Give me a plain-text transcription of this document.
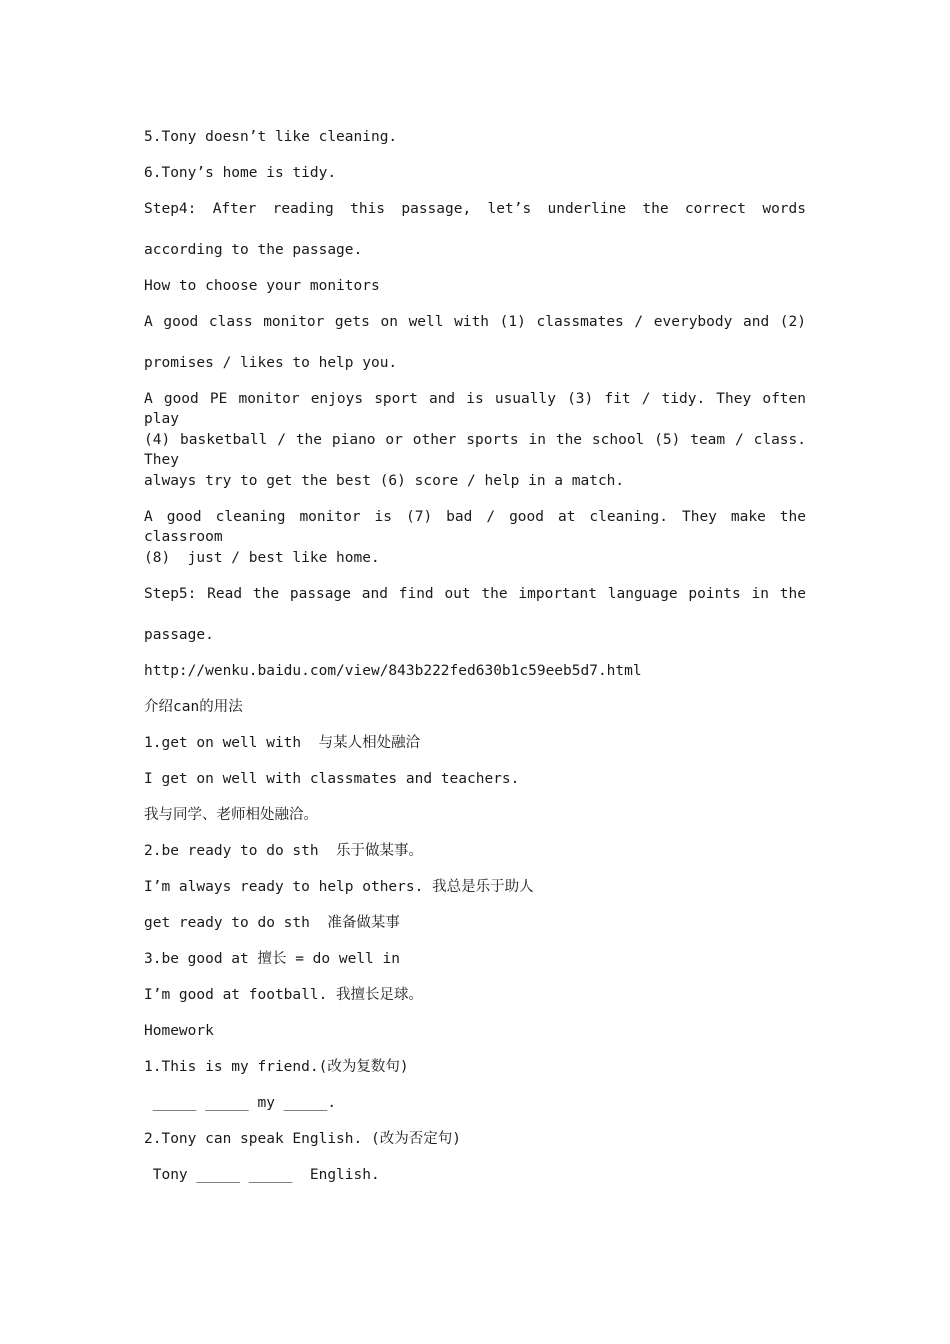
5.Tony doesn’t like cleaning.
6.Tony’s home is tidy.
Step4: After reading this passage, let’s underline the correct words
according to the passage.
How to choose your monitors
A good class monitor gets on well with (1) classmates / everybody and (2)
promises / likes to help you.
A good PE monitor enjoys sport and is usually (3) fit / tidy. They often play
(4) basketball / the piano or other sports in the school (5) team / class. They
always try to get the best (6) score / help in a match.
A good cleaning monitor is (7) bad / good at cleaning. They make the classroom
(8)  just / best like home.
Step5: Read the passage and find out the important language points in the
passage.
http://wenku.baidu.com/view/843b222fed630b1c59eeb5d7.html
介绍can的用法
1.get on well with  与某人相处融洽
I get on well with classmates and teachers.
我与同学、老师相处融洽。
2.be ready to do sth  乐于做某事。
I’m always ready to help others. 我总是乐于助人
get ready to do sth  准备做某事
3.be good at 擅长 = do well in
I’m good at football. 我擅长足球。
Homework
1.This is my friend.(改为复数句)
_____ _____ my _____.
2.Tony can speak English. (改为否定句)
Tony _____ _____  English.
